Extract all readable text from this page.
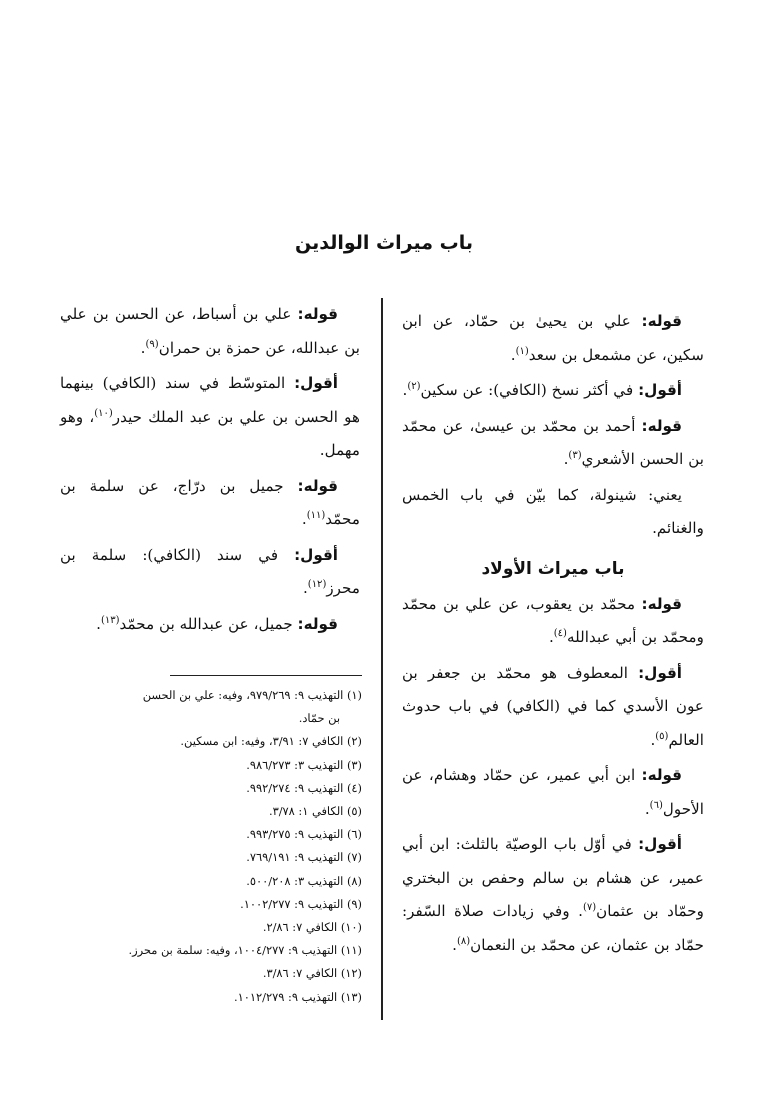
باب ميراث الوالدين

قوله: علي بن يحيىٰ بن حمّاد، عن ابن سكين، عن مشمعل بن سعد$^{(١)}$.

أقول: في أكثر نسخ (الكافي): عن سكين$^{(٢)}$.

قوله: أحمد بن محمّد بن عيسىٰ، عن محمّد بن الحسن الأشعري$^{(٣)}$.

يعني: شينولة، كما بيّن في باب الخمس والغنائم.

باب ميراث الأولاد

قوله: محمّد بن يعقوب، عن علي بن محمّد ومحمّد بن أبي عبدالله$^{(٤)}$.

أقول: المعطوف هو محمّد بن جعفر بن عون الأسدي كما في (الكافي) في باب حدوث العالم$^{(٥)}$.

قوله: ابن أبي عمير، عن حمّاد وهشام، عن الأحول$^{(٦)}$.

أقول: في أوّل باب الوصيّة بالثلث: ابن أبي عمير، عن هشام بن سالم وحفص بن البختري وحمّاد بن عثمان$^{(٧)}$. وفي زيادات صلاة السّفر: حمّاد بن عثمان، عن محمّد بن النعمان$^{(٨)}$.

قوله: علي بن أسباط، عن الحسن بن علي بن عبدالله، عن حمزة بن حمران$^{(٩)}$.

أقول: المتوسّط في سند (الكافي) بينهما هو الحسن بن علي بن عبد الملك حيدر$^{(١٠)}$، وهو مهمل.

قوله: جميل بن درّاج، عن سلمة بن محمّد$^{(١١)}$.

أقول: في سند (الكافي): سلمة بن محرز$^{(١٢)}$.

قوله: جميل، عن عبدالله بن محمّد$^{(١٣)}$.

(١) التهذيب ٩: ٩٧٩/٢٦٩، وفيه: علي بن الحسن

بن حمّاد.

(٢) الكافي ٧: ٣/٩١، وفيه: ابن مسكين.

(٣) التهذيب ٣: ٩٨٦/٢٧٣.

(٤) التهذيب ٩: ٩٩٢/٢٧٤.

(٥) الكافي ١: ٣/٧٨.

(٦) التهذيب ٩: ٩٩٣/٢٧٥.

(٧) التهذيب ٩: ٧٦٩/١٩١.

(٨) التهذيب ٣: ٥٠٠/٢٠٨.

(٩) التهذيب ٩: ١٠٠٢/٢٧٧.

(١٠) الكافي ٧: ٢/٨٦.

(١١) التهذيب ٩: ١٠٠٤/٢٧٧، وفيه: سلمة بن محرز.

(١٢) الكافي ٧: ٣/٨٦.

(١٣) التهذيب ٩: ١٠١٢/٢٧٩.
